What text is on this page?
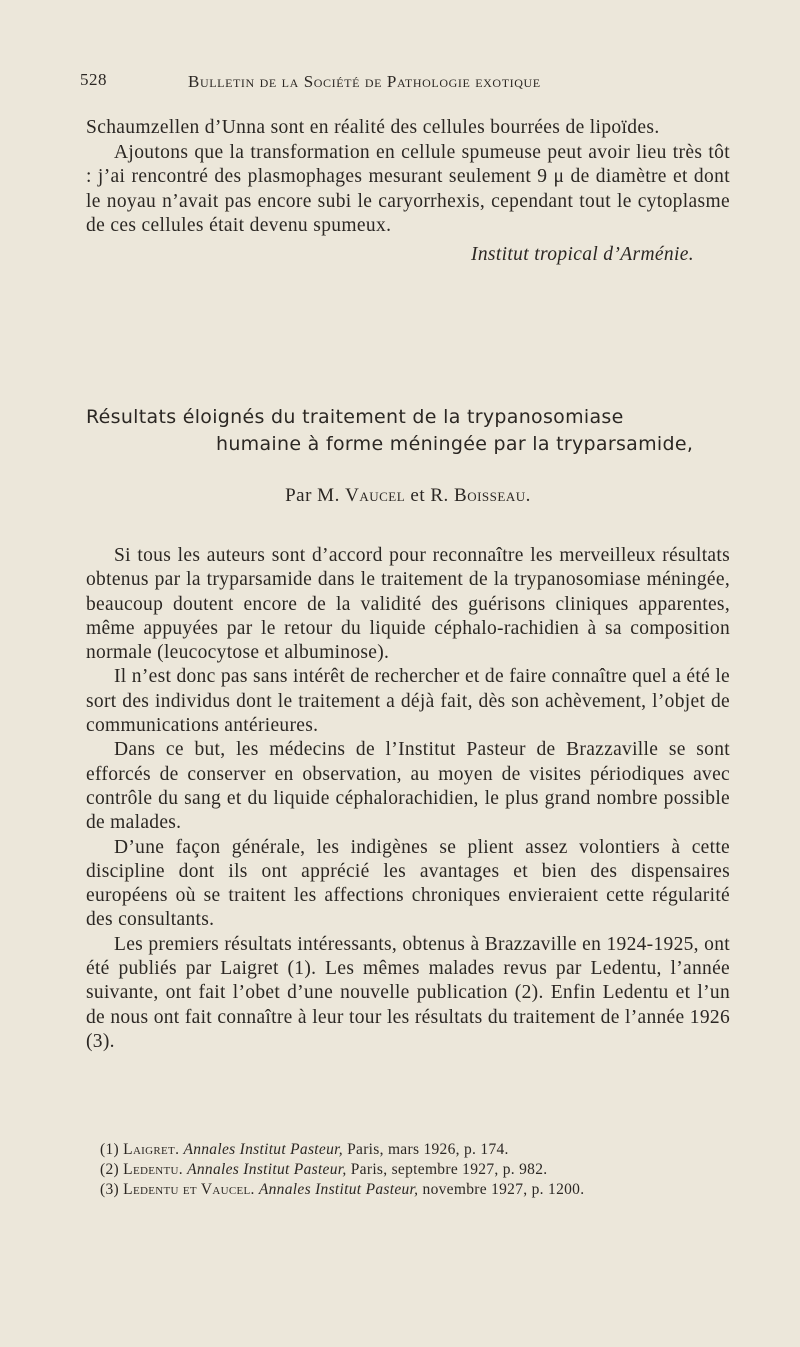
528	Bulletin de la Société de Pathologie exotique

Schaumzellen d’Unna sont en réalité des cellules bourrées de lipoïdes.

Ajoutons que la transformation en cellule spumeuse peut avoir lieu très tôt : j’ai rencontré des plasmophages mesurant seulement 9 μ de diamètre et dont le noyau n’avait pas encore subi le caryorrhexis, cependant tout le cytoplasme de ces cellules était devenu spumeux.

Institut tropical d’Arménie.

Résultats éloignés du traitement de la trypanosomiase
humaine à forme méningée par la tryparsamide,
Par M. Vaucel et R. Boisseau.

Si tous les auteurs sont d’accord pour reconnaître les merveilleux résultats obtenus par la tryparsamide dans le traitement de la trypanosomiase méningée, beaucoup doutent encore de la validité des guérisons cliniques apparentes, même appuyées par le retour du liquide céphalo-rachidien à sa composition normale (leucocytose et albuminose).

Il n’est donc pas sans intérêt de rechercher et de faire connaître quel a été le sort des individus dont le traitement a déjà fait, dès son achèvement, l’objet de communications antérieures.

Dans ce but, les médecins de l’Institut Pasteur de Brazzaville se sont efforcés de conserver en observation, au moyen de visites périodiques avec contrôle du sang et du liquide céphalorachidien, le plus grand nombre possible de malades.

D’une façon générale, les indigènes se plient assez volontiers à cette discipline dont ils ont apprécié les avantages et bien des dispensaires européens où se traitent les affections chroniques envieraient cette régularité des consultants.

Les premiers résultats intéressants, obtenus à Brazzaville en 1924-1925, ont été publiés par Laigret (1). Les mêmes malades revus par Ledentu, l’année suivante, ont fait l’obet d’une nouvelle publication (2). Enfin Ledentu et l’un de nous ont fait connaître à leur tour les résultats du traitement de l’année 1926 (3).

(1) Laigret. Annales Institut Pasteur, Paris, mars 1926, p. 174.
(2) Ledentu. Annales Institut Pasteur, Paris, septembre 1927, p. 982.
(3) Ledentu et Vaucel. Annales Institut Pasteur, novembre 1927, p. 1200.
